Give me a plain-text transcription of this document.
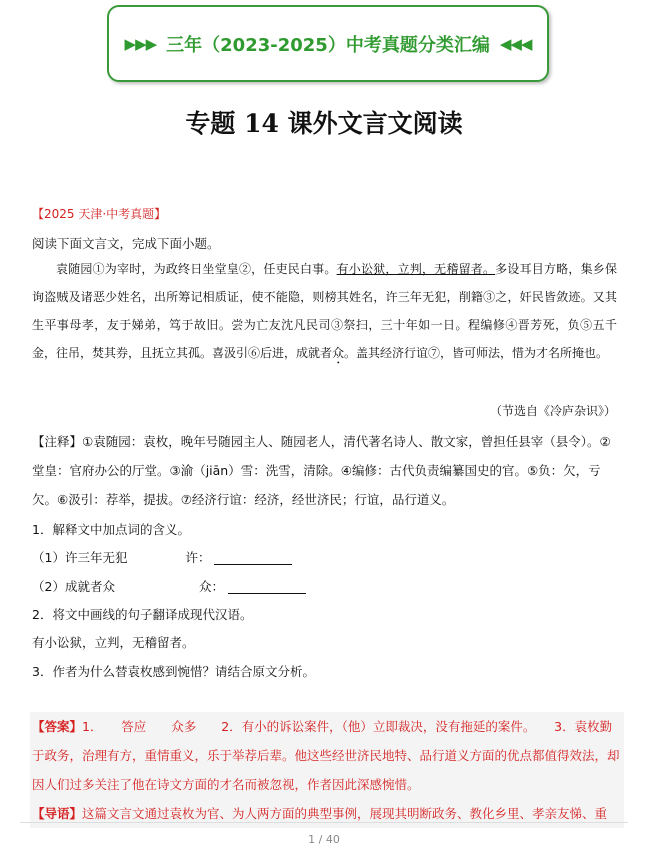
▶▶▶ 三年（2023-2025）中考真题分类汇编 ◀◀◀
专题 14 课外文言文阅读
【2025 天津·中考真题】
阅读下面文言文，完成下面小题。
袁随园①为宰时，为政终日坐堂皇②，任吏民白事。有小讼狱，立判，无稽留者。多设耳目方略，集乡保询盗贼及诸恶少姓名，出所筹记相质证，使不能隐，则榜其姓名，许三年无犯，削籍③之，奸民皆敛迹。又其生平事母孝，友于娣弟，笃于故旧。尝为亡友沈凡民司③祭扫，三十年如一日。程编修④晋芳死，负⑤五千金，往吊，焚其券，且抚立其孤。喜汲引⑥后进，成就者众。盖其经济行谊⑦，皆可师法，惜为才名所掩也。
（节选自《冷庐杂识》）
【注释】①袁随园：袁枚，晚年号随园主人、随园老人，清代著名诗人、散文家，曾担任县宰（县令）。②堂皇：官府办公的厅堂。③渝（jiān）雪：洗雪，清除。④编修：古代负责编纂国史的官。⑤负：欠，亏欠。⑥汲引：荐举，提拔。⑦经济行谊：经济，经世济民；行谊，品行道义。
1．解释文中加点词的含义。
（1）许三年无犯	许：
（2）成就者众	众：
2．将文中画线的句子翻译成现代汉语。
有小讼狱，立判，无稽留者。
3．作者为什么替袁枚感到惋惜？请结合原文分析。
【答案】1．　　答应　　众多　　2．有小的诉讼案件，（他）立即裁决，没有拖延的案件。　　3．袁枚勤于政务，治理有方，重情重义，乐于举荐后辈。他这些经世济民地特、品行道义方面的优点都值得效法，却因人们过多关注了他在诗文方面的才名而被忽视，作者因此深感惋惜。
【导语】这篇文言文通过袁枚为官、为人两方面的典型事例，展现其明断政务、教化乡里、孝亲友悌、重
1 / 40
